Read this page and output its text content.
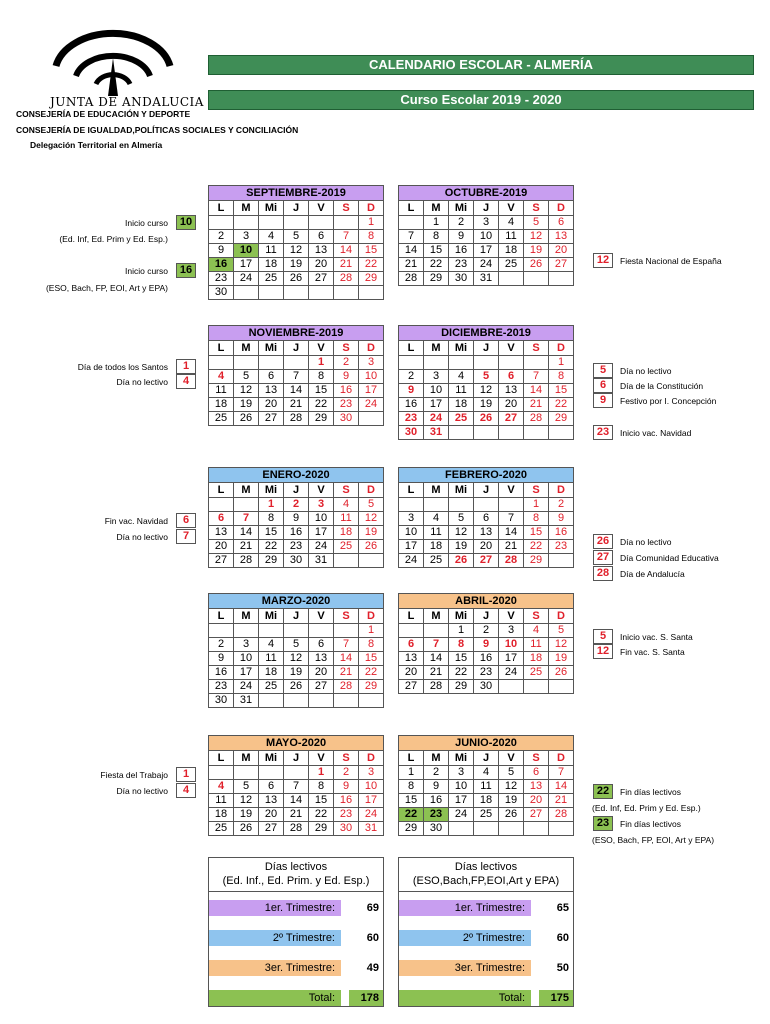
JUNTA DE ANDALUCIA
CONSEJERÍA DE EDUCACIÓN Y DEPORTE
CONSEJERÍA DE IGUALDAD,POLÍTICAS SOCIALES Y CONCILIACIÓN
Delegación Territorial en Almería
CALENDARIO ESCOLAR - ALMERÍA
Curso Escolar 2019 - 2020
SEPTIEMBRE-2019						
L	M	Mi	J	V	S	D
						1
2	3	4	5	6	7	8
9	10	11	12	13	14	15
16	17	18	19	20	21	22
23	24	25	26	27	28	29
30						
OCTUBRE-2019						
L	M	Mi	J	V	S	D
	1	2	3	4	5	6
7	8	9	10	11	12	13
14	15	16	17	18	19	20
21	22	23	24	25	26	27
28	29	30	31			
NOVIEMBRE-2019						
L	M	Mi	J	V	S	D
				1	2	3
4	5	6	7	8	9	10
11	12	13	14	15	16	17
18	19	20	21	22	23	24
25	26	27	28	29	30	
DICIEMBRE-2019						
L	M	Mi	J	V	S	D
						1
2	3	4	5	6	7	8
9	10	11	12	13	14	15
16	17	18	19	20	21	22
23	24	25	26	27	28	29
30	31					
ENERO-2020						
L	M	Mi	J	V	S	D
		1	2	3	4	5
6	7	8	9	10	11	12
13	14	15	16	17	18	19
20	21	22	23	24	25	26
27	28	29	30	31		
FEBRERO-2020						
L	M	Mi	J	V	S	D
					1	2
3	4	5	6	7	8	9
10	11	12	13	14	15	16
17	18	19	20	21	22	23
24	25	26	27	28	29	
MARZO-2020						
L	M	Mi	J	V	S	D
						1
2	3	4	5	6	7	8
9	10	11	12	13	14	15
16	17	18	19	20	21	22
23	24	25	26	27	28	29
30	31					
ABRIL-2020						
L	M	Mi	J	V	S	D
		1	2	3	4	5
6	7	8	9	10	11	12
13	14	15	16	17	18	19
20	21	22	23	24	25	26
27	28	29	30			
MAYO-2020						
L	M	Mi	J	V	S	D
				1	2	3
4	5	6	7	8	9	10
11	12	13	14	15	16	17
18	19	20	21	22	23	24
25	26	27	28	29	30	31
JUNIO-2020						
L	M	Mi	J	V	S	D
1	2	3	4	5	6	7
8	9	10	11	12	13	14
15	16	17	18	19	20	21
22	23	24	25	26	27	28
29	30					
Inicio curso	10
(Ed. Inf, Ed. Prim y Ed. Esp.)
Inicio curso	16
(ESO, Bach, FP, EOI, Art y EPA)
Día de todos los Santos	1
Día no lectivo	4
Fin vac. Navidad	6
Día no lectivo	7
Fiesta del Trabajo	1
Día no lectivo	4
12	Fiesta Nacional de España
5	Día no lectivo
6	Día de la Constitución
9	Festivo por I. Concepción
23	Inicio vac. Navidad
26	Día no lectivo
27	Día Comunidad Educativa
28	Día de Andalucía
5	Inicio vac. S. Santa
12	Fin vac. S. Santa
22	Fin días lectivos
(Ed. Inf, Ed. Prim y Ed. Esp.)
23	Fin días lectivos
(ESO, Bach, FP, EOI, Art y EPA)
Días lectivos
(Ed. Inf., Ed. Prim. y Ed. Esp.)
1er. Trimestre:	69
2º Trimestre:	60
3er. Trimestre:	49
Total:	178
Días lectivos
(ESO,Bach,FP,EOI,Art y EPA)
1er. Trimestre:	65
2º Trimestre:	60
3er. Trimestre:	50
Total:	175
